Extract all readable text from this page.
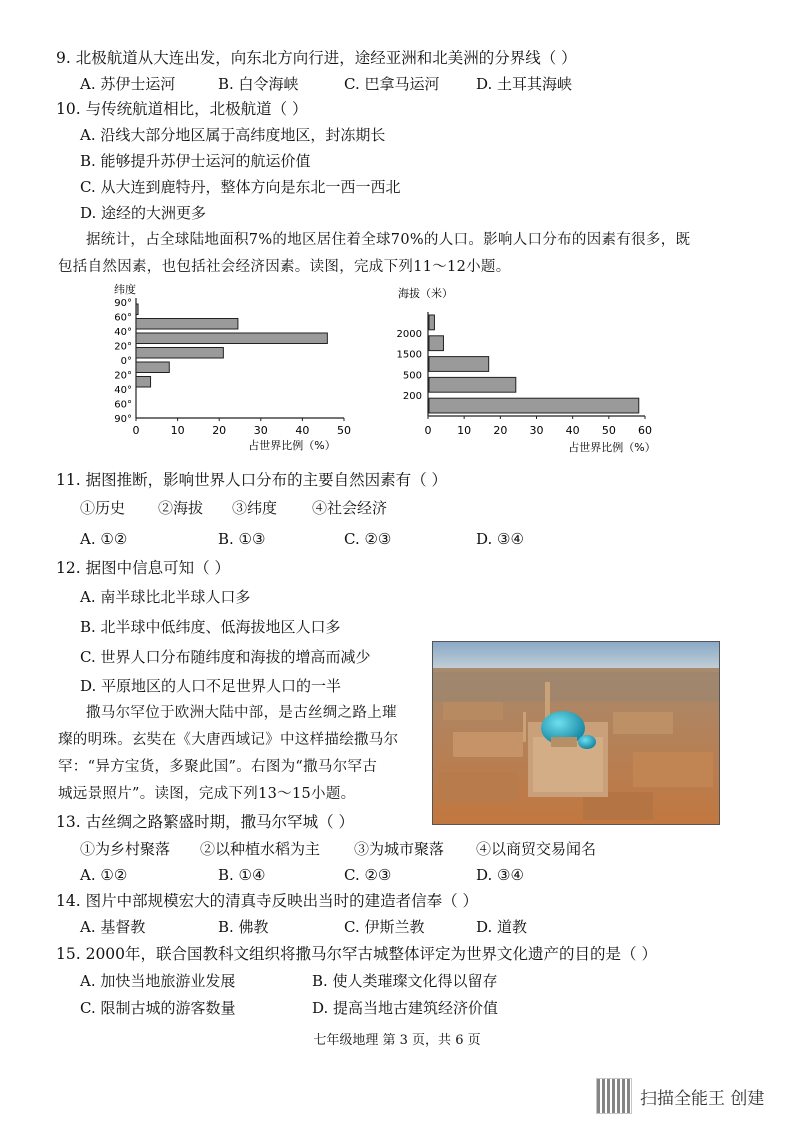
9. 北极航道从大连出发，向东北方向行进，途经亚洲和北美洲的分界线（ ）
A. 苏伊士运河	B. 白令海峡	C. 巴拿马运河 D. 土耳其海峡
10. 与传统航道相比，北极航道（ ）
A. 沿线大部分地区属于高纬度地区，封冻期长
B. 能够提升苏伊士运河的航运价值
C. 从大连到鹿特丹，整体方向是东北一西一西北
D. 途经的大洲更多
据统计，占全球陆地面积7%的地区居住着全球70%的人口。影响人口分布的因素有很多，既
包括自然因素，也包括社会经济因素。读图，完成下列11～12小题。
纬度
90°
60°
40°
20°
0°
20°
40°
60°
90°
0	10	20	30	40	50
占世界比例（%）
海拔（米）
2000
1500
500
200
0 10 20 30 40 50 60
占世界比例（%）
11. 据图推断，影响世界人口分布的主要自然因素有（ ）
①历史 ②海拔 ③纬度 ④社会经济
A. ①②	B. ①③	C. ②③	D. ③④
12. 据图中信息可知（ ）
A. 南半球比北半球人口多
B. 北半球中低纬度、低海拔地区人口多
C. 世界人口分布随纬度和海拔的增高而减少
D. 平原地区的人口不足世界人口的一半
撒马尔罕位于欧洲大陆中部，是古丝绸之路上璀
璨的明珠。玄奘在《大唐西域记》中这样描绘撒马尔
罕：“异方宝货，多聚此国”。右图为“撒马尔罕古
城远景照片”。读图，完成下列13～15小题。
13. 古丝绸之路繁盛时期，撒马尔罕城（ ）
①为乡村聚落 ②以种植水稻为主 ③为城市聚落 ④以商贸交易闻名
A. ①②	B. ①④	C. ②③	D. ③④
14. 图片中部规模宏大的清真寺反映出当时的建造者信奉（ ）
A. 基督教	B. 佛教	C. 伊斯兰教	D. 道教
15. 2000年，联合国教科文组织将撒马尔罕古城整体评定为世界文化遗产的目的是（ ）
A. 加快当地旅游业发展	B. 使人类璀璨文化得以留存
C. 限制古城的游客数量	D. 提高当地古建筑经济价值
七年级地理 第 3 页，共 6 页
扫描全能王 创建
